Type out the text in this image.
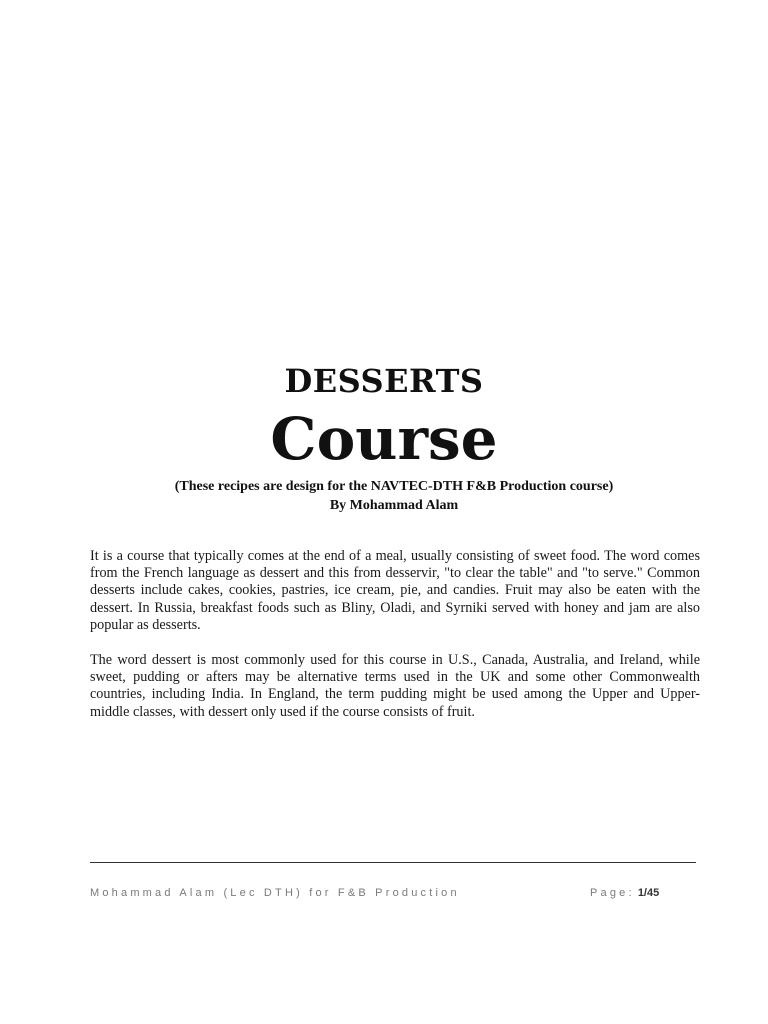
DESSERTS
Course

(These recipes are design for the NAVTEC-DTH F&B Production course)

By Mohammad Alam

It is a course that typically comes at the end of a meal, usually consisting of sweet food. The word comes from the French language as dessert and this from desservir, "to clear the table" and "to serve." Common desserts include cakes, cookies, pastries, ice cream, pie, and candies. Fruit may also be eaten with the dessert. In Russia, breakfast foods such as Bliny, Oladi, and Syrniki served with honey and jam are also popular as desserts.

The word dessert is most commonly used for this course in U.S., Canada, Australia, and Ireland, while sweet, pudding or afters may be alternative terms used in the UK and some other Commonwealth countries, including India. In England, the term pudding might be used among the Upper and Upper-middle classes, with dessert only used if the course consists of fruit.

Mohammad Alam (Lec DTH) for F&B Production	Page: 1/45
